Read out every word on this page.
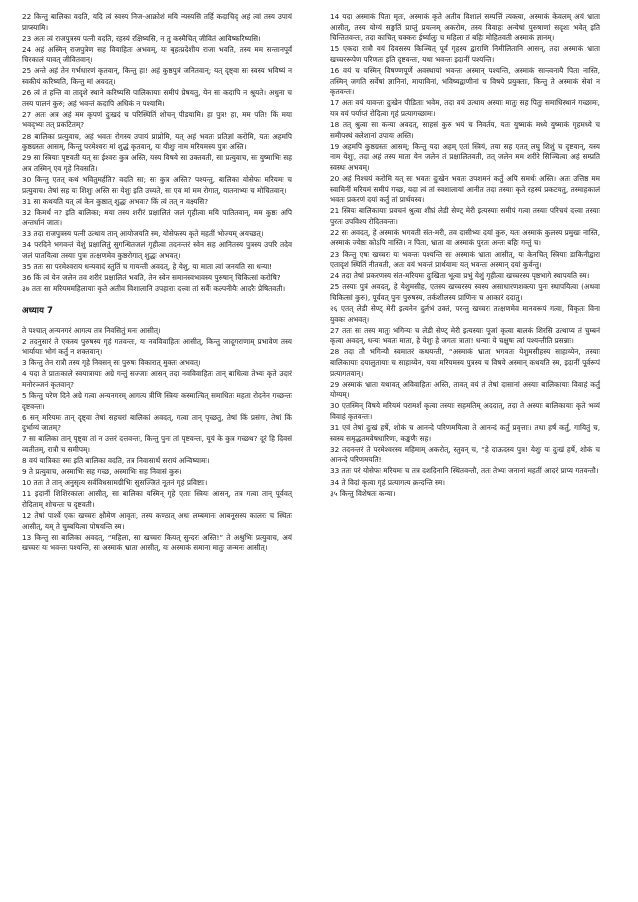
22 किन्तु बालिका वदति, यदि त्वं स्वस्य निज-आक्रोशं मयि न्यस्यसि तर्हि कदाचिद् अहं त्वां तस्य उपायं प्राप्स्यामि।

23 अतः त्वं राजपुत्रस्य पत्नी वदति, रहस्यं रक्षिष्यसि, न तु कस्मैचित् जीवितं आविष्करिष्यसि।

24 अहं अस्मिन् राजपुत्रेण सह विवाहितः अभवम्, यः बृहत्प्रदेशीय राजा भवति, तस्य मम सन्तानपूर्वं चिरकालं यावत् जीवितवान्।

25 अन्ते अहं तेन गर्भधारणं कृतवान्, किन्तु हा! अहं कुष्ठपुत्रं जनितवान्; यत् दृष्ट्वा सः स्वस्य भविष्यं न स्वकीयं करिष्यति, किन्तु मां अवदत्।

26 त्वं तं हन्ति वा तादृशे स्थाने करिष्यसि पालिकायाः समीपं प्रेषयतु, येन सः कदापि न श्रूयते। अधुना च तस्य पालनं कुरु; अहं भवन्तं कदापि अधिकं न पश्यामि।

27 अतः अत्र अहं मम कृपणं दुःखदं च परिस्थितिं शोचन् पीडयामि। हा पुत्र! हा, मम पति! किं मया भवद्भ्यः तत् प्रकटितम्?

28 बालिका प्रत्युवाच, अहं भवतः रोगस्य उपायं प्राप्नोमि, यत् अहं भवतः प्रतिज्ञां करोमि, यतः अहमपि कुष्ठग्रस्तः आसम्, किन्तु परमेश्वरः मां शुद्धं कृतवान्, यः यीशुः नाम मरियमस्य पुत्रः अस्ति।

29 सा स्त्रियाः पृष्टवती यत् सः ईश्वरः कुत्र अस्ति, यस्य विषये सा उक्तवती, सा प्रत्युवाच, सः युष्माभिः सह अत्र तस्मिन् एव गृहे निवसति।

30 किन्तु एतत् कथं भवितुमर्हति? वदति सा; सः कुत्र अस्ति? पश्यन्तु, बालिका योसेफः मरियमः च प्रत्युवाच। तेषां सह यः शिशुः अस्ति सः येशुः इति उच्यते, सः एव मां मम रोगात्, यातनाभ्यः च मोचितवान्।

31 सा कथयति यत् त्वं केन कुष्ठात् शुद्धः अभवः? किं त्वं तत् न वक्ष्यसि?

32 किमर्थं न? इति बालिका; मया तस्य शरीरं प्रक्षालितं जलं गृहीत्वा मयि पातितवान्, मम कुष्ठः अपि अन्तर्धानं जातः।

33 तदा राजपुत्रस्य पत्नी उत्थाय तान् आयोजयति स्म, योसेफस्य कृते महतीं भोज्यम् अयच्छत्।

34 परदिने भगवन्तं येशुं प्रक्षालितुं सुगन्धितजलं गृहीत्वा तदनन्तरं स्वेन सह आनितस्य पुत्रस्य उपरि तदेव जलं पातयित्वा तस्याः पुत्रः तत्क्षणमेव कुष्ठरोगात् शुद्धः अभवत्।

35 ततः सा परमेश्वराय धन्यवादं स्तुतिं च गायन्ती अवदत्, हे येशु, या माता त्वां जनयति सा धन्या!

36 किं त्वं येन जलेन तव शरीरं प्रक्षालितं भवति, तेन स्वेन समानस्वभावस्य पुरुषान् चिकित्सां करोषि?

३७ ततः सा मरियममहिलायाः कृते अतीव विशालानि उपहाराः दत्त्वा तां सर्वैः कल्पनीयैः आदरैः प्रेषितवती।

अध्याय 7

ते पश्चात् अन्यनगरं आगत्य तत्र निवसितुं मनः आसीत्।

2 तदनुसारं ते एकस्य पुरुषस्य गृहं गतवन्तः, यः नवविवाहितः आसीत्, किन्तु जादूगराणाम् प्रभावेण तस्य भार्यायाः भोगं कर्तुं न शक्तवान्।

3 किन्तु तेन रात्रौ तस्य गृहे निवसन् सः पुरुषः विकारात् मुक्तः अभवत्।

4 यदा ते प्रातःकाले स्वयात्रायाः अग्रे गन्तुं सज्जाः आसन् तदा नवविवाहितः तान् बाधित्वा तेभ्यः कृते उदारं मनोरञ्जनं कृतवान्?

5 किन्तु परेण दिने अग्रे गत्वा अन्यनगरम् आगत्य त्रीणि स्त्रियः कस्मात्चित् समाधितः महता रोदनेन गच्छन्तः दृष्टवन्तः।

6 सन् मरियमः तान् दृष्ट्वा तेषां सहचरां बालिकां अवदत्, गत्वा तान् पृच्छतु, तेषां किं प्रसंगः, तेषां किं दुर्भाग्यं जातम्?

7 सा बालिका तान् पृष्ट्वा तां न उत्तरं दत्तवन्तः, किन्तु पुनः तां पृष्टवन्तः, यूयं के कुत्र गच्छथ? दूरं हि दिवसं व्यतीतम्, रात्रौ च समीपम्।

8 वयं यात्रिकाः स्मः इति बालिका वदति, तत्र निवासार्थं सरायं अन्विष्यामः।

9 ते प्रत्युवाच, अस्माभिः सह गच्छ, अस्माभिः सह निवासं कुरु।

10 ततः ते तान् अनुसृत्य सर्वविधसामग्रीभिः सुसज्जितं नूतनं गृहं प्रविष्टाः।

11 इदानीं शिशिरकालः आसीत्, सा बालिका यस्मिन् गृहे एताः स्त्रियः आसन्, तत्र गत्वा तान् पूर्ववत् रोदिताम् शोचन्तः च दृष्टवती।

12 तेषां पार्श्वे एकः खच्चरः क्षौमेण आवृतः, तस्य कण्ठात् अधः लम्बमानः आबनूसस्य कालरः च स्थितः आसीत्, यम् ते चुम्बयित्वा पोषयन्ति स्म।

13 किन्तु सा बालिका अवदत्, “महिला, सा खच्चरः कियत् सुन्दरः अस्ति!” ते अश्रुभिः प्रत्युवाच, अयं खच्चरः यः भवन्तः पश्यन्ति, सः अस्माकं भ्राता आसीत्, यः अस्माकं समाना मातुः जन्मनः आसीत्।

14 यदा अस्माकं पिता मृतः, अस्माकं कृते अतीव विशालं सम्पत्तिं त्यक्त्वा, अस्माकं केवलम् अयं भ्राता आसीत्, तस्य योग्यं सङ्गतिं प्राप्तुं प्रयत्नम् अकरोम, तस्य विवाहः अन्येषां पुरुषाणां सदृशः भवेत् इति चिन्तितवन्तः, तदा काचित् चक्करः ईर्ष्यालुः च महिला तं बहिः मोहितवती अस्माकं ज्ञानम्।

15 एकदा रात्रौ वयं दिवसस्य किञ्चित् पूर्वं गृहस्य द्वाराणि निमीलितानि आसन्, तदा अस्माकं भ्राता खच्चररूपेण परिणतः इति दृष्टवन्तः, यथा भवन्तः इदानीं पश्यन्ति।

16 वयं च यस्मिन् विषण्णपूर्णे अवस्थायां भवन्तः अस्मान् पश्यन्ति, अस्माकं सान्त्वनायै पिता नास्ति, तस्मिन् जगति सर्वेषां ज्ञानिनां, मायाविनां, भविष्यद्वाणीनां च विषये प्रयुक्ताः, किन्तु ते अस्माकं सेवां न कृतवन्तः।

17 अतः वयं यावन्तः दुःखेन पीडिताः भवेम, तदा वयं उत्थाय अस्याः मातुः सह पितुः समाधिस्थानं गच्छामः, यत्र वयं पर्याप्तं रोदित्वा गृहं प्रत्यागच्छामः।

18 तत् श्रुत्वा सा कन्या अवदत्, साहसं कुरु भयं च निवर्तय, यतः युष्माकं मध्ये युष्माकं गृहमध्ये च समीपस्थं क्लेशानां उपायः अस्ति।

19 अहमपि कुष्ठग्रस्तः आसम्; किन्तु यदा अहम् एतां स्त्रियं, तया सह एतत् लघु शिशुं च दृष्टवान्, यस्य नाम येशुः, तदा अहं तस्य माता येन जलेन तं प्रक्षालितवती, तत् जलेन मम शरीरे सिञ्चित्वा अहं सम्प्रति स्वस्थः अभवम्।

20 अहं निश्चयं करोमि यत् सः भवतः दुःखेन भवतः उपशमनं कर्तुं अपि समर्थः अस्ति। अतः उत्तिष्ठ मम स्वामिनीं मरियमं समीपं गच्छ, यदा त्वं तां स्वशालायां आनीत तदा तस्याः कृते रहस्यं प्रकटयतु, तस्माहकालं भवतः प्रकरणं दयां कर्तुं तां प्रार्थयस्व।

21 स्त्रियः बालिकायाः प्रवचनं श्रुत्वा शीघ्रं लेडी सेण्ट् मेरी इत्यस्याः समीपं गत्वा तस्याः परिचयं दत्त्वा तस्याः पुरतः उपविश्य रोदितवन्तः।

22 सः अवदत्, हे अस्माकं भगवती संत-मरी, तव दासीभ्यः दयां कुरु, यतः अस्माकं कुलस्य प्रमुखः नास्ति, अस्माकं ज्येष्ठः कोऽपि नास्ति। न पिता, भ्राता वा अस्माकं पुरतः अन्तः बहिः गन्तुं च।

23 किन्तु एषः खच्चरः यः भवन्तः पश्यन्ति सः अस्माकं भ्राता आसीत्, यः केनचित् स्त्रियाः डाकिनीद्वारा एतादृशं स्थितिं नीतवती, अतः वयं भवन्तं प्रार्थयामः यत् भवन्तः अस्मान् दयां कुर्वन्तु।

24 तदा तेषां प्रकरणस्य संत-मरियमः दुःखिता भूत्वा प्रभुं येशुं गृहीत्वा खच्चरस्य पृष्ठभागे स्थापयति स्म।

25 तस्याः पुत्रं अवदत्, हे येशुमसीह, एतस्य खच्चरस्य स्वस्य असाधारणशक्त्या पुनः स्थापयित्वा (अथवा चिकित्सां कुरु), पूर्ववत् पुनः पुरुषस्य, तर्कशीलस्य प्राणिनः च आकारं ददातु।

२६ एतत् लेडी सेण्ट् मेरी इत्यनेन दुर्लभं उक्तं, परन्तु खच्चरः तत्क्षणमेव मानवरूपं गत्वा, विकृतः विना युवकः अभवत्।

27 ततः सः तस्य मातुः भगिन्यः च लेडी सेण्ट् मेरी इत्यस्याः पूजां कृत्वा बालकं शिरसि उत्थाप्य तं चुम्बनं कृत्वा अवदन्, धन्यः भवतः माता, हे येशुः हे जगतः त्राता! धन्याः ये चक्षुषः त्वां पश्यन्तीति प्रसन्नाः।

28 तदा तौ भगिन्यौ स्वमातरं कथयन्ती, “अस्माकं भ्राता भगवतः येशुमसीहस्य साहाय्येन, तस्याः बालिकायाः दयालुतायाः च साहाय्येन, यया मरियमस्य पुत्रस्य च विषये अस्मान् कथयति स्म, इदानीं पूर्वरूपं प्रत्यागतवान्।

29 अस्माकं भ्राता यथावत् अविवाहितः अस्ति, तावत् वयं तं तेषां दासानां अस्याः बालिकायाः विवाहं कर्तुं योग्यम्।

30 एतस्मिन् विषये मरियमं परामर्शं कृत्वा तस्याः सहमतिम् अददात्, तदा ते अस्याः बालिकायाः कृते भव्यं विवाहं कृतवन्तः।

31 एवं तेषां दुःखं हर्षे, शोकं च आनन्दे परिणमयित्वा ते आनन्दं कर्तुं प्रवृत्ताः। तथा हर्षं कर्तुं, गायितुं च, स्वस्य समृद्धतमवेषधारिणः, कङ्कणैः सह।

32 तदनन्तरं ते परमेश्वरस्य महिमाम् अकरोत्, स्तुवन् च, “हे दाऊदस्य पुत्र! येशुः यः दुःखं हर्षे, शोकं च आनन्दे परिणमयति!

33 ततः परं योसेफः मरियमः च तत्र दशदिनानि स्थितवन्तौ, ततः तेभ्यः जनानां महतीं आदरं प्राप्य गतवन्तौ।

34 ते विदां कृत्वा गृहं प्रत्यागत्य क्रन्दन्ति स्म।

३५ किन्तु विशेषतः कन्या।
